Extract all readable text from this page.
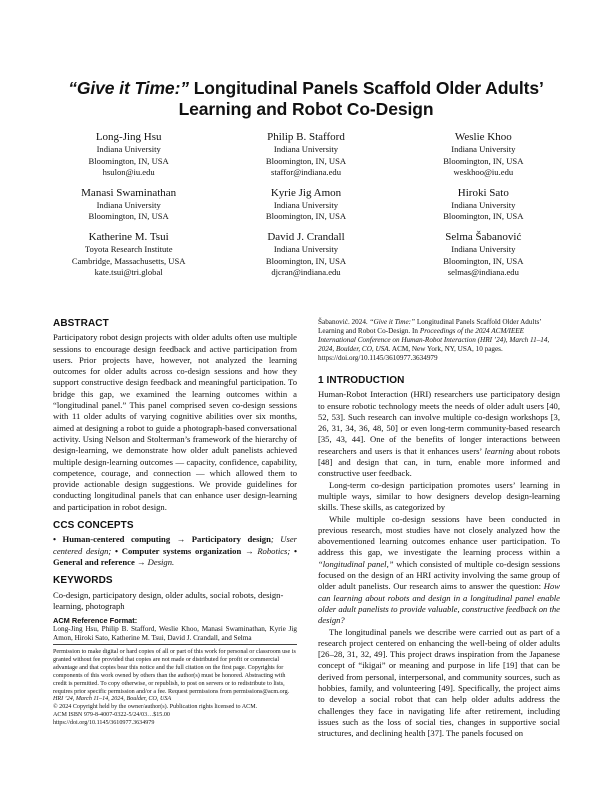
“Give it Time:” Longitudinal Panels Scaffold Older Adults’ Learning and Robot Co-Design
Long-Jing Hsu
Indiana University
Bloomington, IN, USA
hsulon@iu.edu
Philip B. Stafford
Indiana University
Bloomington, IN, USA
staffor@indiana.edu
Weslie Khoo
Indiana University
Bloomington, IN, USA
weskhoo@iu.edu
Manasi Swaminathan
Indiana University
Bloomington, IN, USA
Kyrie Jig Amon
Indiana University
Bloomington, IN, USA
Hiroki Sato
Indiana University
Bloomington, IN, USA
Katherine M. Tsui
Toyota Research Institute
Cambridge, Massachusetts, USA
kate.tsui@tri.global
David J. Crandall
Indiana University
Bloomington, IN, USA
djcran@indiana.edu
Selma Šabanović
Indiana University
Bloomington, IN, USA
selmas@indiana.edu
ABSTRACT

Participatory robot design projects with older adults often use multiple sessions to encourage design feedback and active participation from users. Prior projects have, however, not analyzed the learning outcomes for older adults across co-design sessions and how they support constructive design feedback and meaningful participation. To bridge this gap, we examined the learning outcomes within a “longitudinal panel.” This panel comprised seven co-design sessions with 11 older adults of varying cognitive abilities over six months, aimed at designing a robot to guide a photograph-based conversational activity. Using Nelson and Stolterman’s framework of the hierarchy of design-learning, we demonstrate how older adult panelists achieved multiple design-learning outcomes — capacity, confidence, capability, competence, courage, and connection — which allowed them to provide actionable design suggestions. We provide guidelines for conducting longitudinal panels that can enhance user design-learning and participation in robot design.

CCS CONCEPTS

• Human-centered computing → Participatory design; User centered design; • Computer systems organization → Robotics; • General and reference → Design.

KEYWORDS

Co-design, participatory design, older adults, social robots, design-learning, photograph

ACM Reference Format:

Long-Jing Hsu, Philip B. Stafford, Weslie Khoo, Manasi Swaminathan, Kyrie Jig Amon, Hiroki Sato, Katherine M. Tsui, David J. Crandall, and Selma

Permission to make digital or hard copies of all or part of this work for personal or classroom use is granted without fee provided that copies are not made or distributed for profit or commercial advantage and that copies bear this notice and the full citation on the first page. Copyrights for components of this work owned by others than the author(s) must be honored. Abstracting with credit is permitted. To copy otherwise, or republish, to post on servers or to redistribute to lists, requires prior specific permission and/or a fee. Request permissions from permissions@acm.org.
HRI ’24, March 11–14, 2024, Boulder, CO, USA
© 2024 Copyright held by the owner/author(s). Publication rights licensed to ACM.
ACM ISBN 979-8-4007-0322-5/24/03…$15.00
https://doi.org/10.1145/3610977.3634979

Šabanović. 2024. “Give it Time:” Longitudinal Panels Scaffold Older Adults’ Learning and Robot Co-Design. In Proceedings of the 2024 ACM/IEEE International Conference on Human-Robot Interaction (HRI ’24), March 11–14, 2024, Boulder, CO, USA. ACM, New York, NY, USA, 10 pages. https://doi.org/10.1145/3610977.3634979

1 INTRODUCTION

Human-Robot Interaction (HRI) researchers use participatory design to ensure robotic technology meets the needs of older adult users [40, 52, 53]. Such research can involve multiple co-design workshops [3, 26, 31, 34, 36, 48, 50] or even long-term community-based research [35, 43, 44]. One of the benefits of longer interactions between researchers and users is that it enhances users’ learning about robots [48] and design that can, in turn, enable more informed and constructive user feedback.

Long-term co-design participation promotes users’ learning in multiple ways, similar to how designers develop design-learning skills. These skills, as categorized by

While multiple co-design sessions have been conducted in previous research, most studies have not closely analyzed how the abovementioned learning outcomes enhance user participation. To address this gap, we investigate the learning process within a “longitudinal panel,” which consisted of multiple co-design sessions focused on the design of an HRI activity involving the same group of older adult panelists. Our research aims to answer the question: How can learning about robots and design in a longitudinal panel enable older adult panelists to provide valuable, constructive feedback on the design?

The longitudinal panels we describe were carried out as part of a research project centered on enhancing the well-being of older adults [26–28, 31, 32, 49]. This project draws inspiration from the Japanese concept of “ikigai” or meaning and purpose in life [19] that can be derived from personal, interpersonal, and community sources, such as hobbies, family, and volunteering [49]. Specifically, the project aims to develop a social robot that can help older adults address the challenges they face in navigating life after retirement, including issues such as the loss of social ties, changes in supportive social structures, and declining health [37]. The panels focused on
